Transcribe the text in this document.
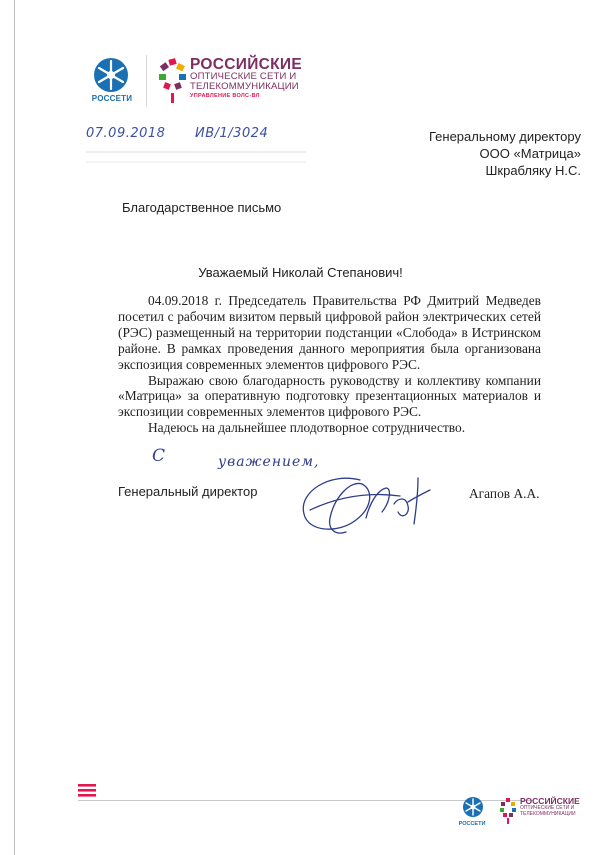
РОССЕТИ
РОССИЙСКИЕ
ОПТИЧЕСКИЕ СЕТИ И
ТЕЛЕКОММУНИКАЦИИ
УПРАВЛЕНИЕ ВОЛС-ВЛ
07.09.2018 ИВ/1/3024	Генеральному директору
ООО «Матрица»
Шкрабляку Н.С.
Благодарственное письмо
Уважаемый Николай Степанович!

04.09.2018 г. Председатель Правительства РФ Дмитрий Медведев посетил с рабочим визитом первый цифровой район электрических сетей (РЭС) размещенный на территории подстанции «Слобода» в Истринском районе. В рамках проведения данного мероприятия была организована экспозиция современных элементов цифрового РЭС.

Выражаю свою благодарность руководству и коллективу компании «Матрица» за оперативную подготовку презентационных материалов и экспозиции современных элементов цифрового РЭС.

Надеюсь на дальнейшее плодотворное сотрудничество.

С	уважением,
Генеральный директор	Агапов А.А.
РОССЕТИ
РОССИЙСКИЕ
ОПТИЧЕСКИЕ СЕТИ И
ТЕЛЕКОММУНИКАЦИИ
